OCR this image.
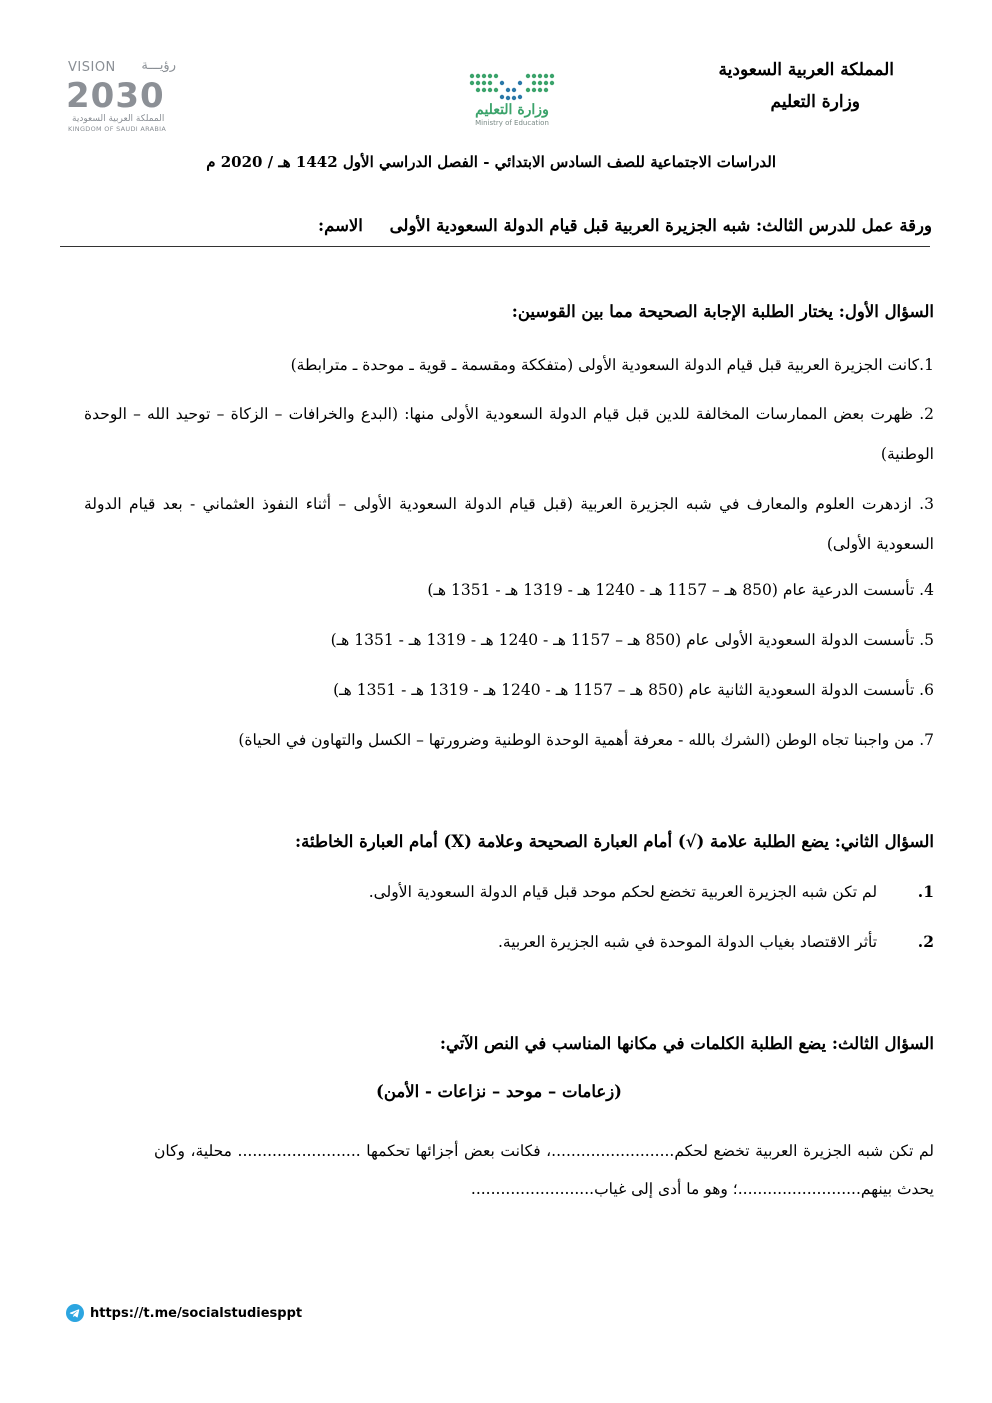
المملكة العربية السعودية
وزارة التعليم
وزارة التعليم
Ministry of Education
VISION رؤيـــة
2030
المملكة العربية السعودية
KINGDOM OF SAUDI ARABIA
الدراسات الاجتماعية للصف السادس الابتدائي - الفصل الدراسي الأول 1442 هـ / 2020 م
ورقة عمل للدرس الثالث: شبه الجزيرة العربية قبل قيام الدولة السعودية الأولى
الاسم:
السؤال الأول: يختار الطلبة الإجابة الصحيحة مما بين القوسين:
1.كانت الجزيرة العربية قبل قيام الدولة السعودية الأولى (متفككة ومقسمة ـ قوية ـ موحدة ـ مترابطة)
2. ظهرت بعض الممارسات المخالفة للدين قبل قيام الدولة السعودية الأولى منها: (البدع والخرافات – الزكاة – توحيد الله – الوحدة الوطنية)
3. ازدهرت العلوم والمعارف في شبه الجزيرة العربية (قبل قيام الدولة السعودية الأولى – أثناء النفوذ العثماني - بعد قيام الدولة السعودية الأولى)
4. تأسست الدرعية عام (850 هـ – 1157 هـ - 1240 هـ - 1319 هـ - 1351 هـ)
5. تأسست الدولة السعودية الأولى عام (850 هـ – 1157 هـ - 1240 هـ - 1319 هـ - 1351 هـ)
6. تأسست الدولة السعودية الثانية عام (850 هـ – 1157 هـ - 1240 هـ - 1319 هـ - 1351 هـ)
7. من واجبنا تجاه الوطن (الشرك بالله - معرفة أهمية الوحدة الوطنية وضرورتها – الكسل والتهاون في الحياة)
السؤال الثاني: يضع الطلبة علامة (√) أمام العبارة الصحيحة وعلامة (X) أمام العبارة الخاطئة:
1. لم تكن شبه الجزيرة العربية تخضع لحكم موحد قبل قيام الدولة السعودية الأولى.
2. تأثر الاقتصاد بغياب الدولة الموحدة في شبه الجزيرة العربية.
السؤال الثالث: يضع الطلبة الكلمات في مكانها المناسب في النص الآتي:
(زعامات – موحد – نزاعات - الأمن)
لم تكن شبه الجزيرة العربية تخضع لحكم.........................، فكانت بعض أجزائها تحكمها ......................... محلية، وكان يحدث بينهم.........................؛ وهو ما أدى إلى غياب.........................
https://t.me/socialstudiesppt
